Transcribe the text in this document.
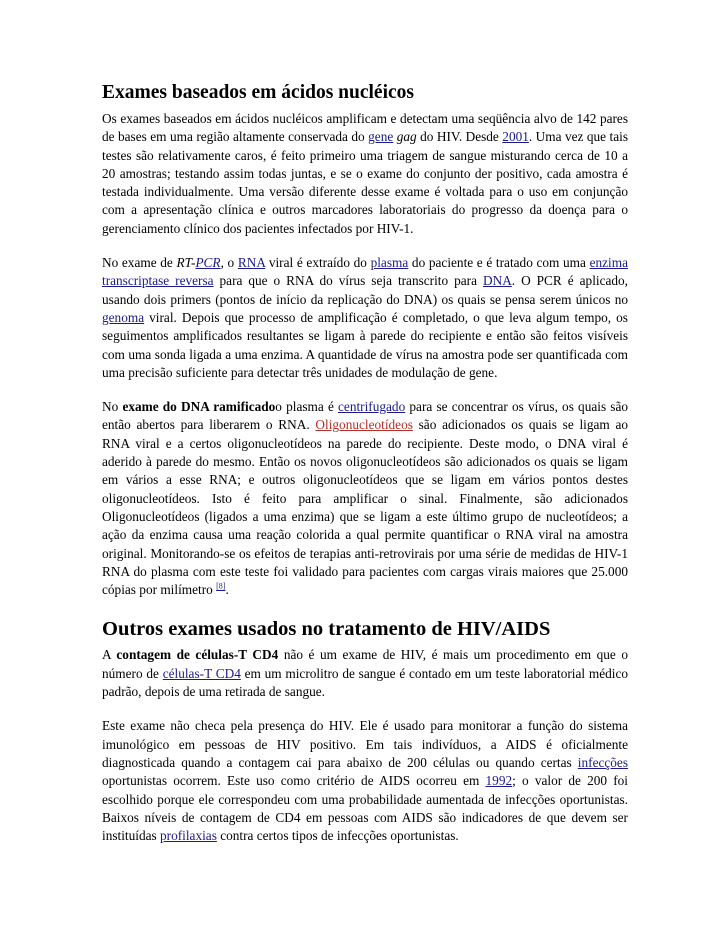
Exames baseados em ácidos nucléicos

Os exames baseados em ácidos nucléicos amplificam e detectam uma seqüência alvo de 142 pares de bases em uma região altamente conservada do gene gag do HIV. Desde 2001. Uma vez que tais testes são relativamente caros, é feito primeiro uma triagem de sangue misturando cerca de 10 a 20 amostras; testando assim todas juntas, e se o exame do conjunto der positivo, cada amostra é testada individualmente. Uma versão diferente desse exame é voltada para o uso em conjunção com a apresentação clínica e outros marcadores laboratoriais do progresso da doença para o gerenciamento clínico dos pacientes infectados por HIV-1.

No exame de RT-PCR, o RNA viral é extraído do plasma do paciente e é tratado com uma enzima transcriptase reversa para que o RNA do vírus seja transcrito para DNA. O PCR é aplicado, usando dois primers (pontos de início da replicação do DNA) os quais se pensa serem únicos no genoma viral. Depois que processo de amplificação é completado, o que leva algum tempo, os seguimentos amplificados resultantes se ligam à parede do recipiente e então são feitos visíveis com uma sonda ligada a uma enzima. A quantidade de vírus na amostra pode ser quantificada com uma precisão suficiente para detectar três unidades de modulação de gene.

No exame do DNA ramificadoo plasma é centrifugado para se concentrar os vírus, os quais são então abertos para liberarem o RNA. Oligonucleotídeos são adicionados os quais se ligam ao RNA viral e a certos oligonucleotídeos na parede do recipiente. Deste modo, o DNA viral é aderido à parede do mesmo. Então os novos oligonucleotídeos são adicionados os quais se ligam em vários a esse RNA; e outros oligonucleotídeos que se ligam em vários pontos destes oligonucleotídeos. Isto é feito para amplificar o sinal. Finalmente, são adicionados Oligonucleotídeos (ligados a uma enzima) que se ligam a este último grupo de nucleotídeos; a ação da enzima causa uma reação colorida a qual permite quantificar o RNA viral na amostra original. Monitorando-se os efeitos de terapias anti-retrovirais por uma série de medidas de HIV-1 RNA do plasma com este teste foi validado para pacientes com cargas virais maiores que 25.000 cópias por milímetro [8].

Outros exames usados no tratamento de HIV/AIDS

A contagem de células-T CD4 não é um exame de HIV, é mais um procedimento em que o número de células-T CD4 em um microlitro de sangue é contado em um teste laboratorial médico padrão, depois de uma retirada de sangue.

Este exame não checa pela presença do HIV. Ele é usado para monitorar a função do sistema imunológico em pessoas de HIV positivo. Em tais indivíduos, a AIDS é oficialmente diagnosticada quando a contagem cai para abaixo de 200 células ou quando certas infecções oportunistas ocorrem. Este uso como critério de AIDS ocorreu em 1992; o valor de 200 foi escolhido porque ele correspondeu com uma probabilidade aumentada de infecções oportunistas. Baixos níveis de contagem de CD4 em pessoas com AIDS são indicadores de que devem ser instituídas profilaxias contra certos tipos de infecções oportunistas.
